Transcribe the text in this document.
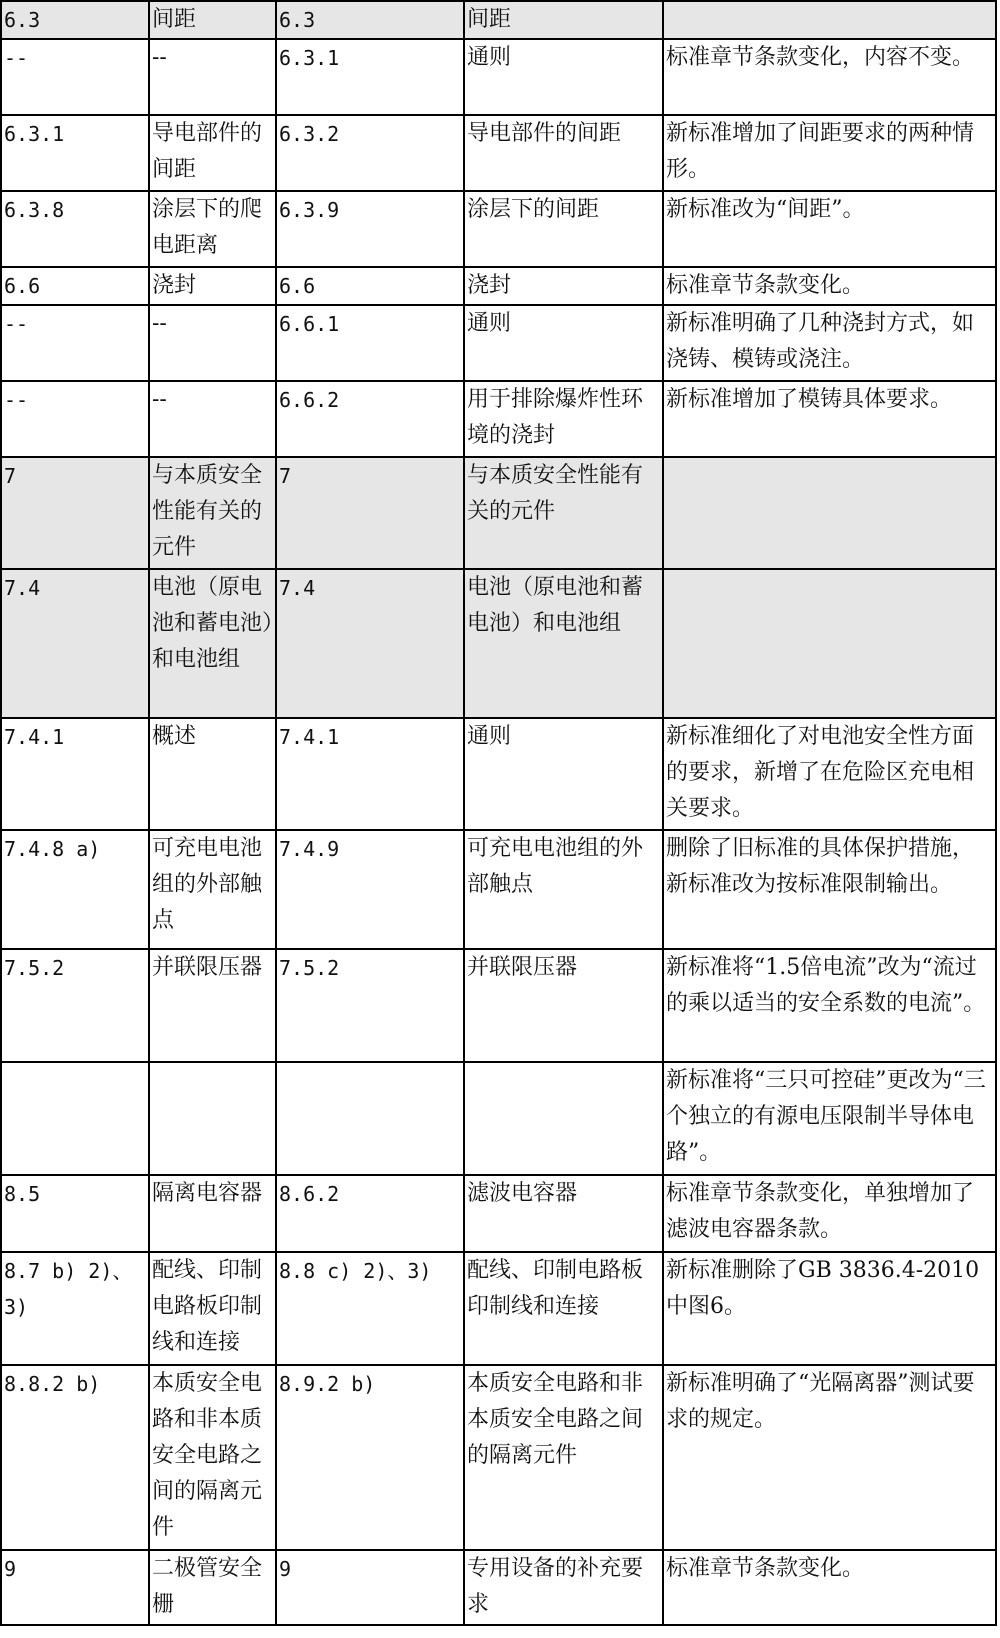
6.3	间距	6.3	间距	
--	--	6.3.1	通则	标准章节条款变化，内容不变。
6.3.1	导电部件的间距	6.3.2	导电部件的间距	新标准增加了间距要求的两种情形。
6.3.8	涂层下的爬电距离	6.3.9	涂层下的间距	新标准改为“间距”。
6.6	浇封	6.6	浇封	标准章节条款变化。
--	--	6.6.1	通则	新标准明确了几种浇封方式，如浇铸、模铸或浇注。
--	--	6.6.2	用于排除爆炸性环境的浇封	新标准增加了模铸具体要求。
7	与本质安全性能有关的元件	7	与本质安全性能有关的元件	
7.4	电池（原电池和蓄电池）和电池组	7.4	电池（原电池和蓄电池）和电池组	
7.4.1	概述	7.4.1	通则	新标准细化了对电池安全性方面的要求，新增了在危险区充电相关要求。
7.4.8 a)	可充电电池组的外部触点	7.4.9	可充电电池组的外部触点	删除了旧标准的具体保护措施，新标准改为按标准限制输出。
7.5.2	并联限压器	7.5.2	并联限压器	新标准将“1.5倍电流”改为“流过的乘以适当的安全系数的电流”。
				新标准将“三只可控硅”更改为“三个独立的有源电压限制半导体电路”。
8.5	隔离电容器	8.6.2	滤波电容器	标准章节条款变化，单独增加了滤波电容器条款。
8.7 b) 2)、3)	配线、印制电路板印制线和连接	8.8 c) 2)、3)	配线、印制电路板印制线和连接	新标准删除了GB 3836.4-2010中图6。
8.8.2 b)	本质安全电路和非本质安全电路之间的隔离元件	8.9.2 b)	本质安全电路和非本质安全电路之间的隔离元件	新标准明确了“光隔离器”测试要求的规定。
9	二极管安全栅	9	专用设备的补充要求	标准章节条款变化。
